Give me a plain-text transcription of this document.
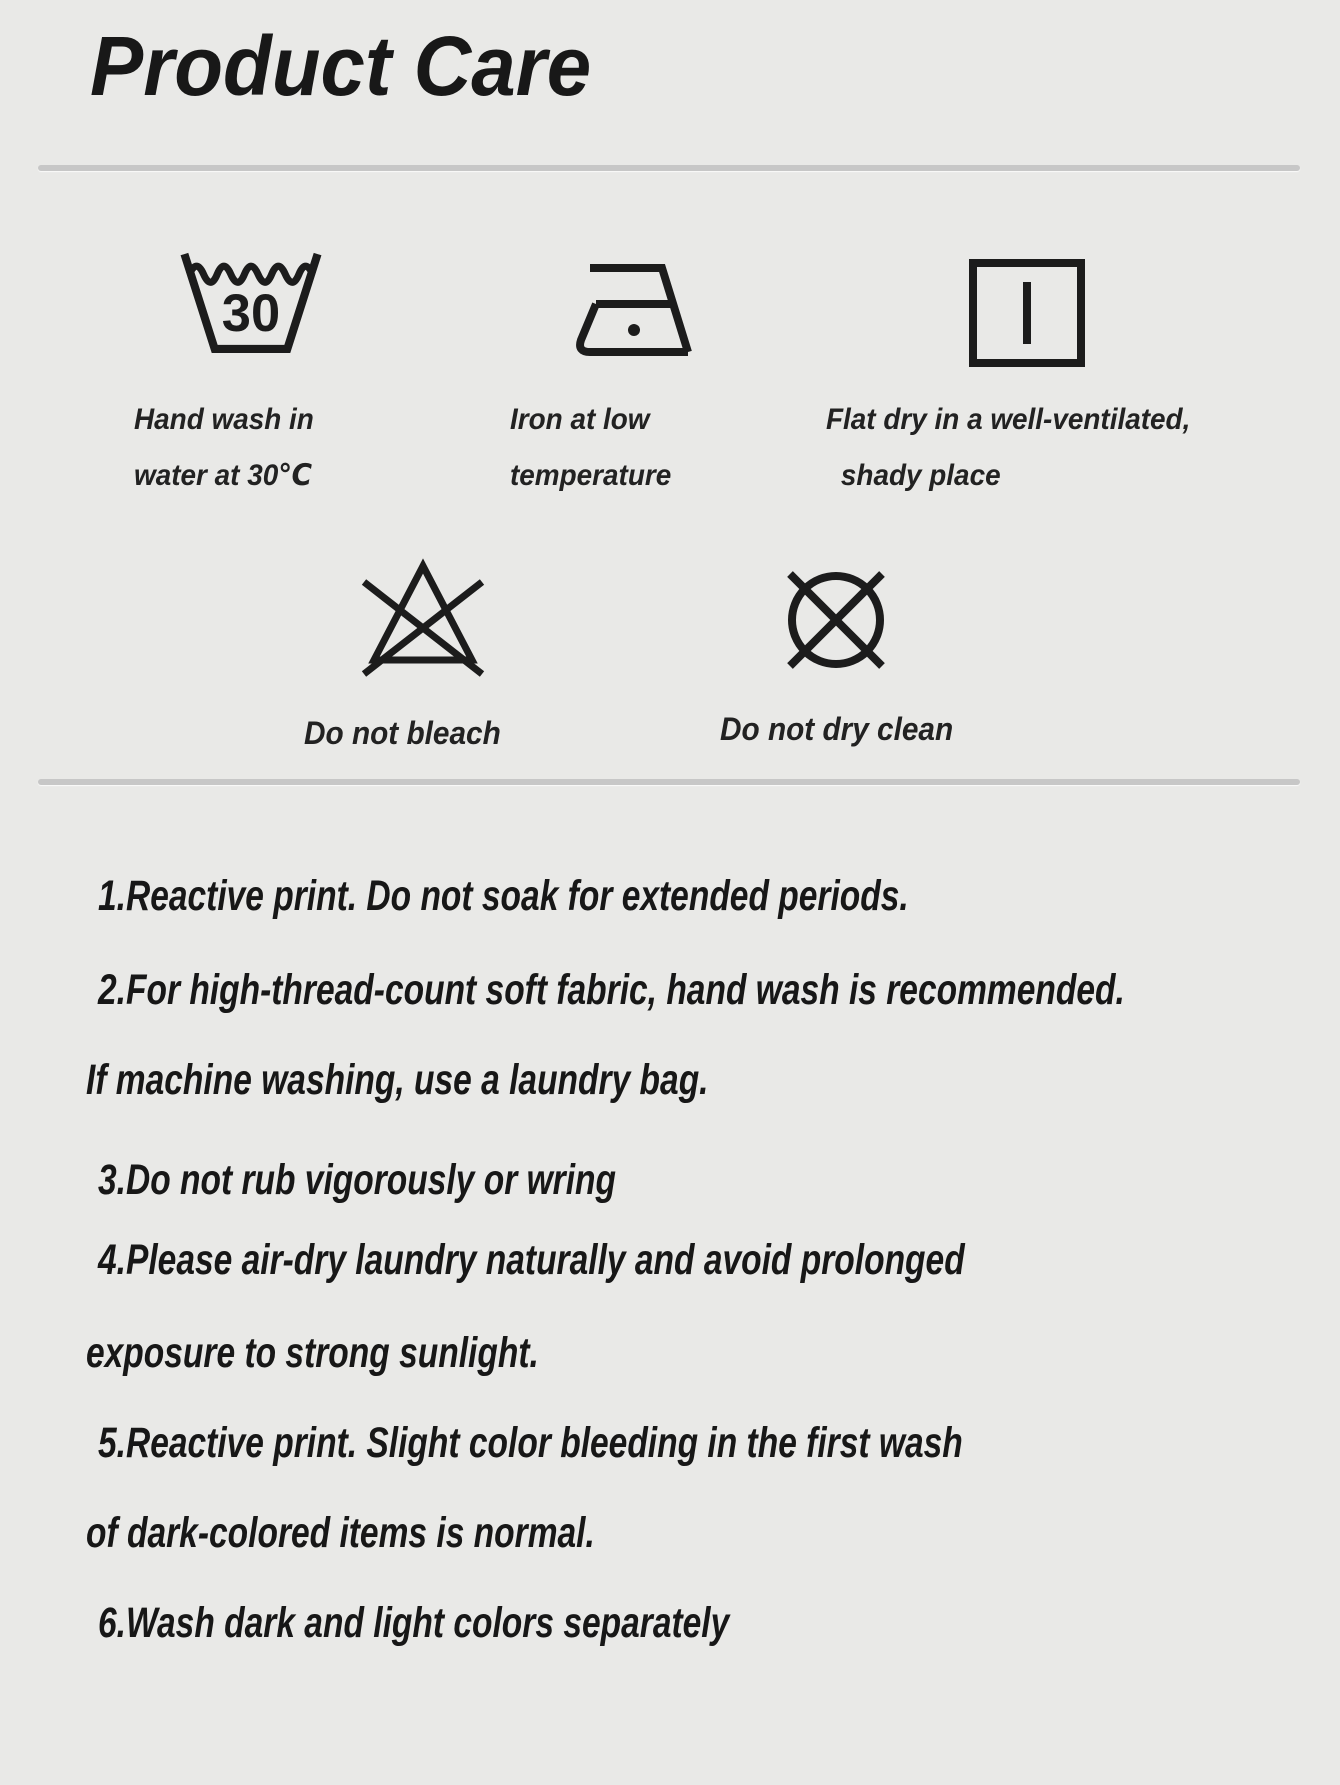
Product Care
30
Hand wash in
water at 30℃
Iron at low
temperature
Flat dry in a well-ventilated,
shady place
Do not bleach	Do not dry clean
1.Reactive print. Do not soak for extended periods.
2.For high-thread-count soft fabric, hand wash is recommended.
If machine washing, use a laundry bag.
3.Do not rub vigorously or wring
4.Please air-dry laundry naturally and avoid prolonged
exposure to strong sunlight.
5.Reactive print. Slight color bleeding in the first wash
of dark-colored items is normal.
6.Wash dark and light colors separately
